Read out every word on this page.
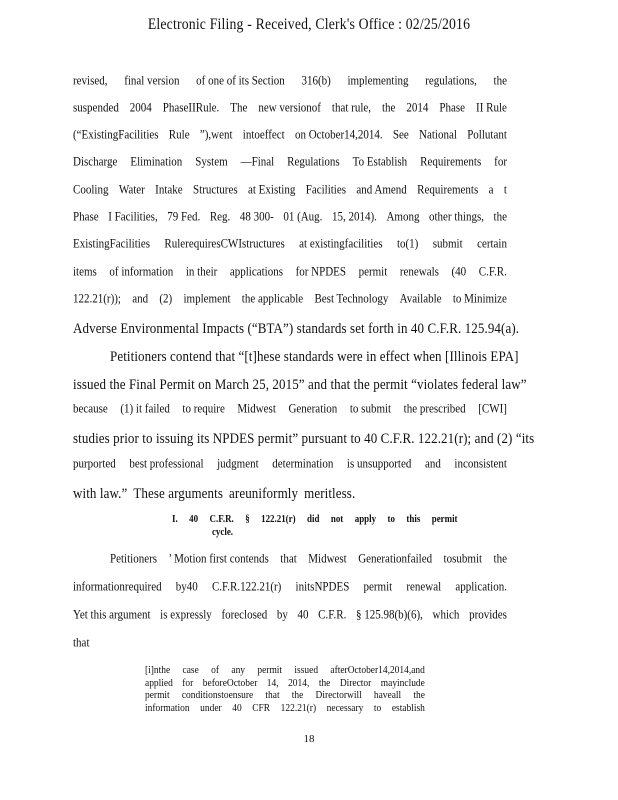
Electronic Filing - Received, Clerk's Office : 02/25/2016
revised, final version of one of its Section 316(b) implementing regulations, the
suspended 2004 PhaseIIRule. The new versionof that rule, the 2014 Phase II Rule
(“ExistingFacilities Rule ”),went intoeffect on October14,2014. See National Pollutant
Discharge Elimination System —Final Regulations To Establish Requirements for
Cooling Water Intake Structures at Existing Facilities and Amend Requirements a t
Phase I Facilities, 79 Fed. Reg. 48 300- 01 (Aug. 15, 2014). Among other things, the
ExistingFacilities RulerequiresCWIstructures at existingfacilities to(1) submit certain
items of information in their applications for NPDES permit renewals (40 C.F.R.
122.21(r)); and (2) implement the applicable Best Technology Available to Minimize
Adverse Environmental Impacts (“BTA”) standards set forth in 40 C.F.R. 125.94(a).
Petitioners contend that “[t]hese standards were in effect when [Illinois EPA]
issue d the Final Permit on March 25, 2015” and that the permit “violates federal law”
because (1) it failed to require Midwest Generation to submit the prescribed [CWI]
studies prior to issuing its NPDES permit” pursuant to 40 C.F.R. 122.21(r); and (2) “its
purported best professional judgment determination is unsupported and inconsistent
with law.” These arguments areuniformly meritless.
Petitioners ’ Motion first contends that Midwest Generationfailed tosubmit the
informationrequired by40 C.F.R.122.21(r) initsNPDES permit renewal application.
Yet this argument is expressly foreclosed by 40 C.F.R. § 125.98(b)(6), which provides
that
I. 40 C.F.R. § 122.21(r) did not apply to this permit
cycle.
[i]nthe case of any permit issued afterOctober14,2014,and
applied for beforeOctober 14, 2014, the Director mayinclude
permit conditionstoensure that the Directorwill haveall the
information under 40 CFR 122.21(r) necessary to establish
18
